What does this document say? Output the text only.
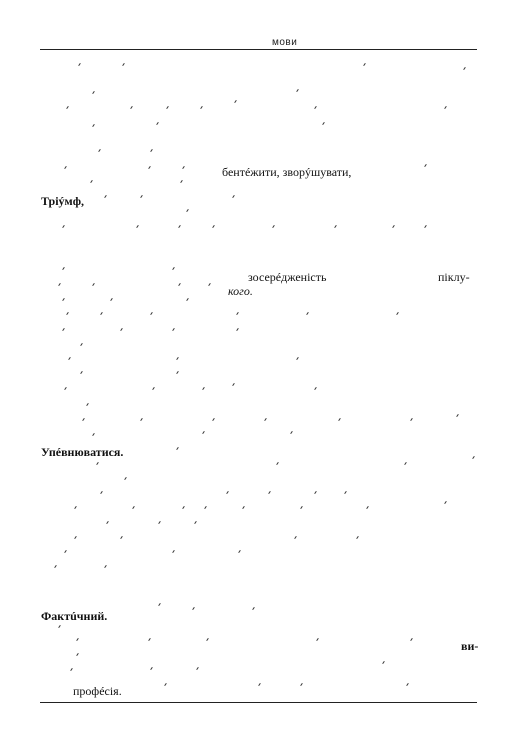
мови
бентéжити, зворýшувати,
Тріýмф,
зосерéдженість	піклу-
кого.
Упéвнюватися.
Фактúчний.
ви-
профéсія.
